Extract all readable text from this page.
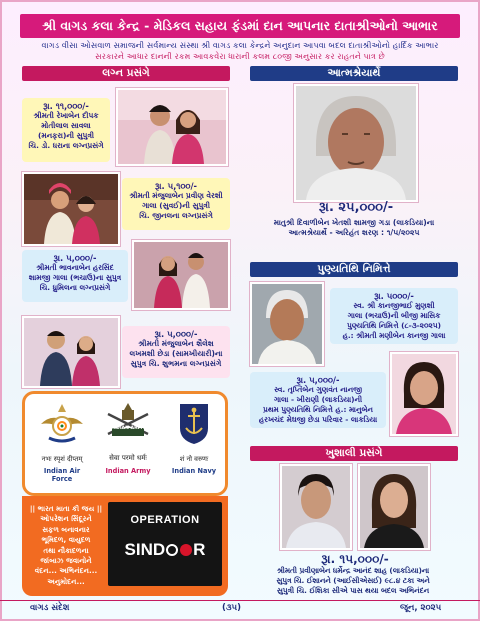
શ્રી વાગડ કલા કેન્દ્ર - મેડિકલ સહાય ફંડમાં દાન આપનાર દાતાશ્રીઓનો આભાર
વાગડ વીસા ઓસવાળ સમાજની સર્વમાન્ય સંસ્થા શ્રી વાગડ કલા કેન્દ્રને અનુદાન આપવા બદલ દાતાશ્રીઓનો હાર્દિક આભાર
સરકારને આધાર દાનની રકમ આવકવેરા ધારાની કલમ ૮૦જી અનુસાર કર રાહતને પાત્ર છે
લગ્ન પ્રસંગે	આત્મશ્રેયાર્થે
રૂા. ૧૧,૦૦૦/-
શ્રીમતી રેખાબેન દીપક
મોતીલાલ સાવલા
(મનફરા)ની સુપુત્રી
ચિ. ડો. ધરાના લગ્નપ્રસંગે
રૂા. ૫,૧૦૦/-
શ્રીમતી મંજુલાબેન પ્રવીણ વેરશી
ગાલા (સુવઈ)ની સુપુત્રી
ચિ. જીનલના લગ્નપ્રસંગે
રૂા. ૫,૦૦૦/-
શ્રીમતી ભાવનાબેન હરસિંદ
શામજી ગાલા (ભચાઉ)ના સુપુત્ર
ચિ. ધ્રુમિલના લગ્નપ્રસંગે
રૂા. ૫,૦૦૦/-
શ્રીમતી મંજુલાબેન શૈલેશ
લખમશી છેડા (સામખીયારી)ના
સુપુત્ર ચિ. શુભમના લગ્નપ્રસંગે
नभः स्पृशं दीप्तम्
Indian Air Force
INDIAN ARMY
सेवा परमो धर्मः
Indian Army
शं नो वरुणः
Indian Navy
|| ભારત માતા કી જય ||
ઓપરેશન સિંદૂરને
સફળ બનાવનાર
ભૂમિદળ, વાયુદળ
તથા નૌકાદળના
જાંબાઝ જવાનોને
વંદન... અભિનંદન...
અનુમોદન...
OPERATION
SIND R
રૂા. ૨૫,૦૦૦/-
માતુશ્રી દિવાળીબેન ખેતશી શામજી ગડા (લાકડિયા)ના
આત્મશ્રેયાર્થે - અરિહંત શરણ : ૧/૫/૨૦૨૫
પુણ્યતિથિ નિમિત્તે
રૂા. ૫૦૦૦/-
સ્વ. શ્રી કાનજીભાઈ મુણશી
ગાલા (ભચાઉ)ની બીજી માસિક
પુણ્યતિથિ નિમિત્તે (૮-૩-૨૦૨૫)
હ.: શ્રીમતી મણીબેન કાનજી ગાલા
રૂા. ૫,૦૦૦/-
સ્વ. તૃપ્તિબેન ગુણવંત નાનજી
ગાલા - ખીરાણી (લાકડિયા)ની
પ્રથમ પુણ્યતિથિ નિમિત્તે હ.: માનુબેન
હરખચંદ મેઘજી છેડા પરિવાર - લાકડિયા
ખુશાલી પ્રસંગે
રૂા. ૧૫,૦૦૦/-
શ્રીમતી પ્રવીણાબેન ધર્મેન્દ્ર આનંદ શાહ (લાકડિયા)ના
સુપુત્ર ચિ. ઈશાનને (આઈસીએસઈ) ૯૮.૪ ટકા અને
સુપુત્રી ચિ. ઈશિકા સીએ પાસ થયા બદલ અભિનંદન
વાગડ સંદેશ	(૩૫)	જૂન, ૨૦૨૫
